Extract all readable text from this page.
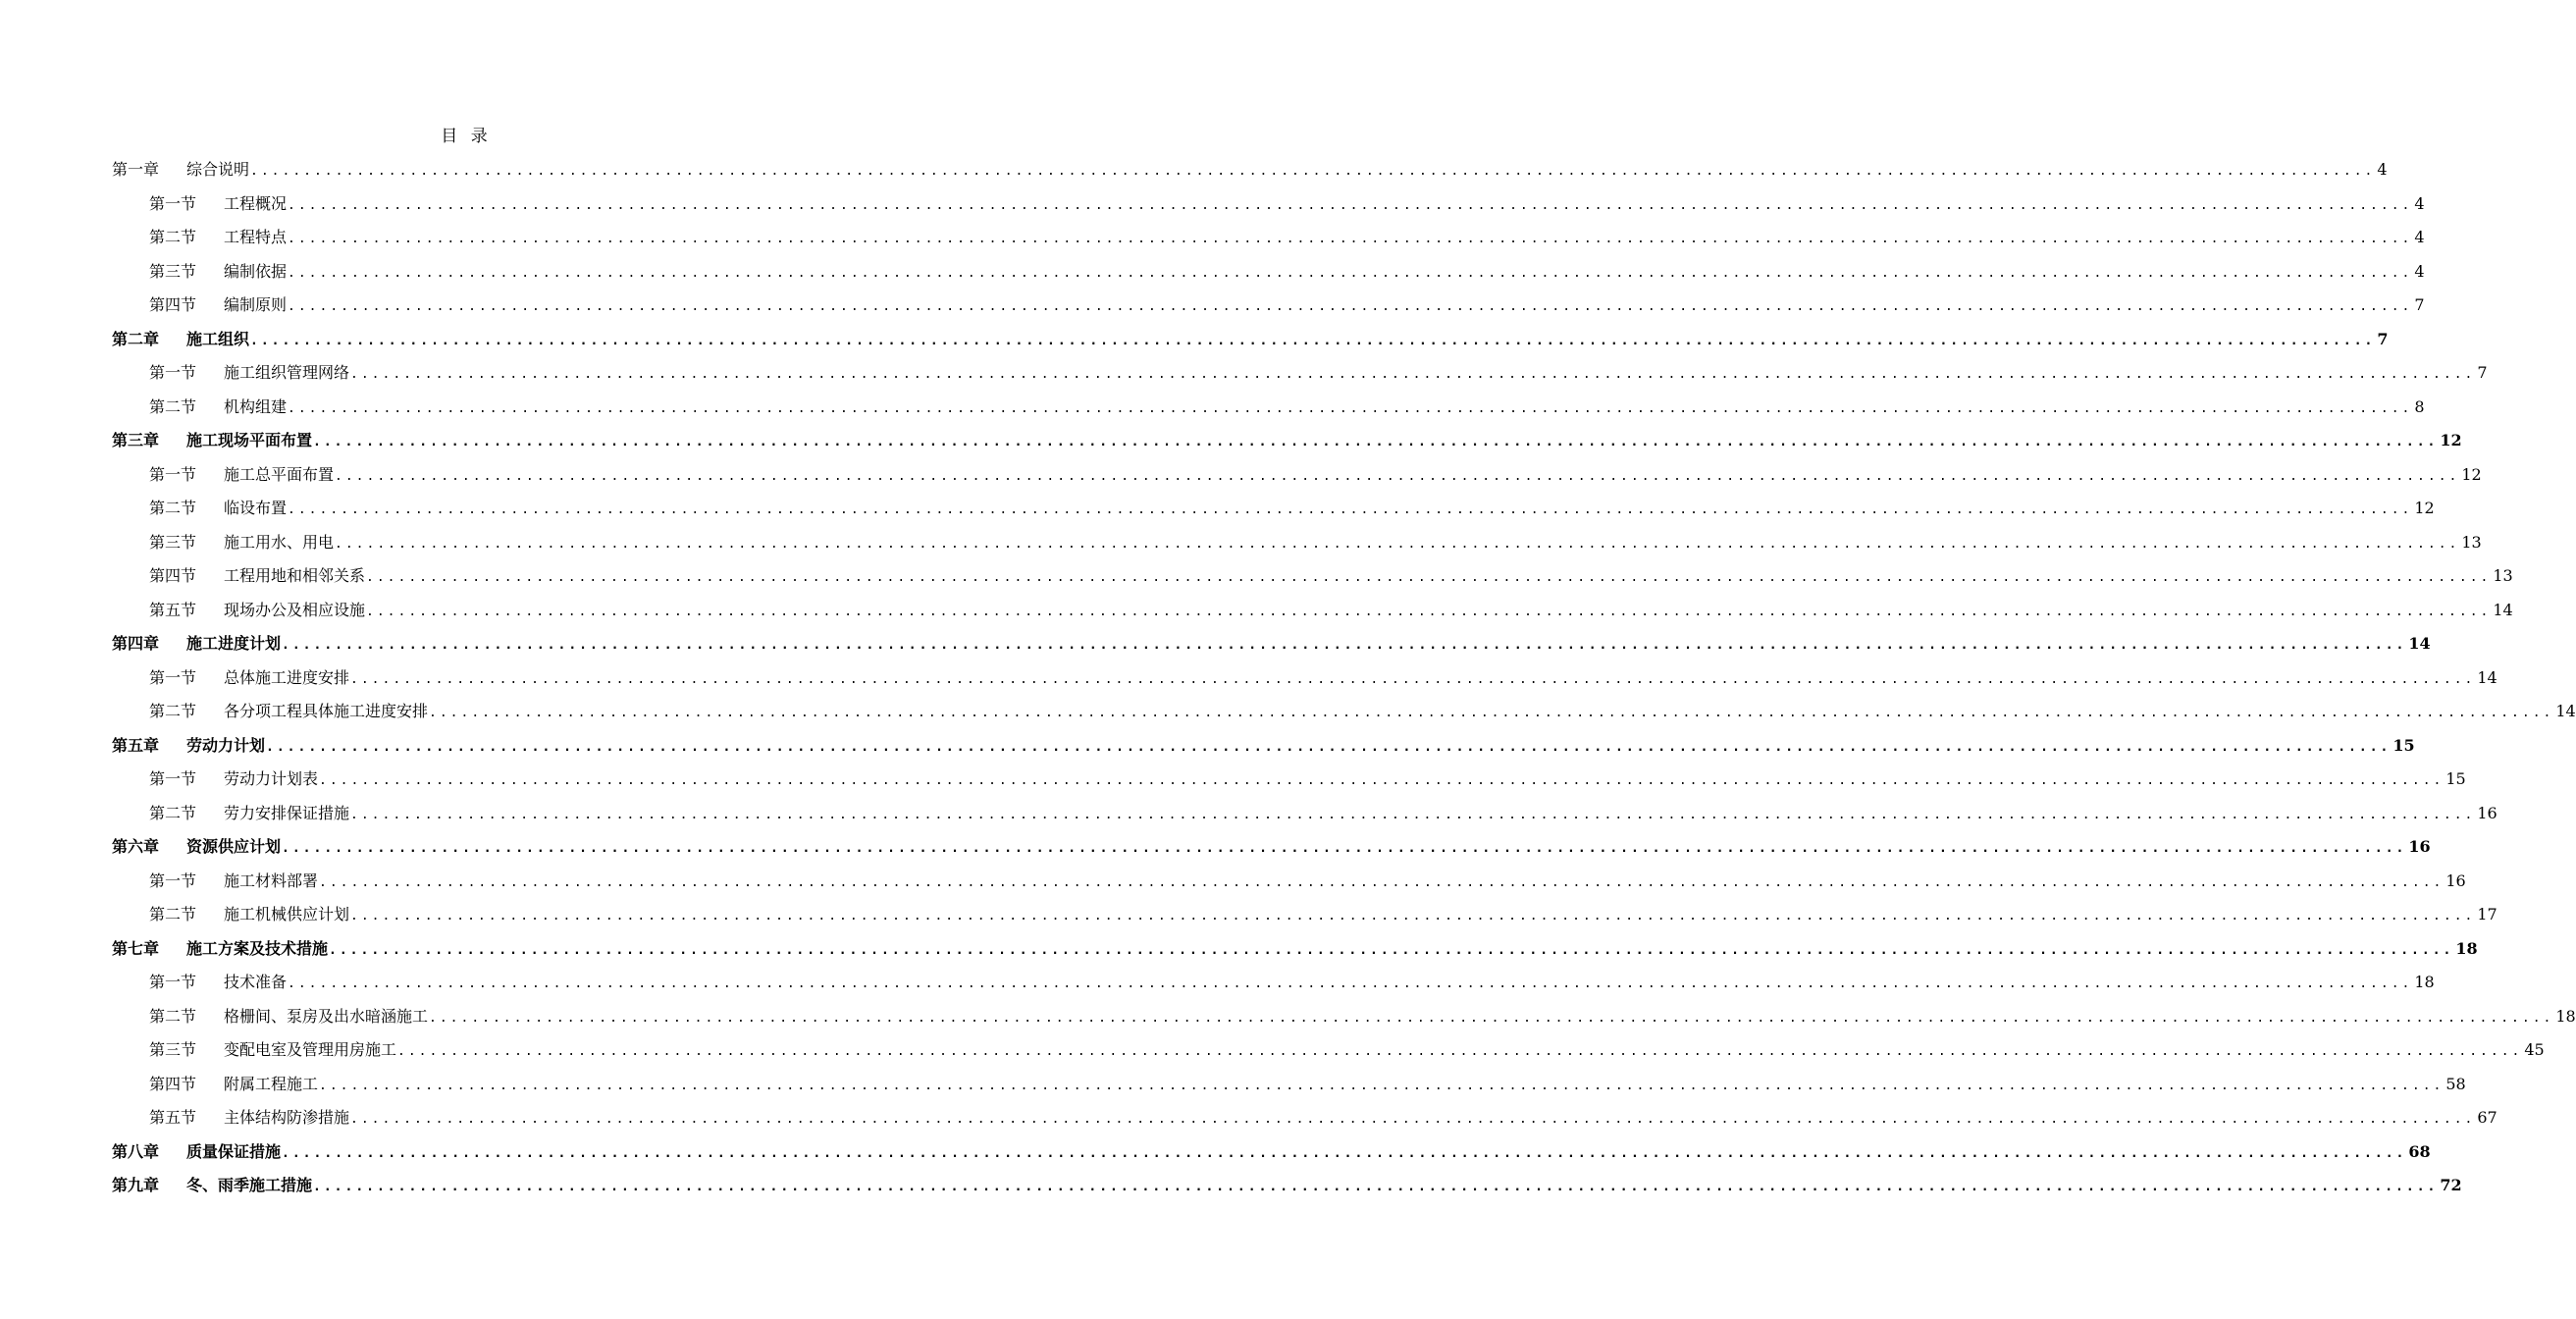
目 录
第一章	综合说明 ........................................................................................................................................................................................................ 4
第一节	工程概况 ........................................................................................................................................................................................................ 4
第二节	工程特点 ........................................................................................................................................................................................................ 4
第三节	编制依据 ........................................................................................................................................................................................................ 4
第四节	编制原则 ........................................................................................................................................................................................................ 7
第二章	施工组织 ........................................................................................................................................................................................................ 7
第一节	施工组织管理网络 ........................................................................................................................................................................................................ 7
第二节	机构组建 ........................................................................................................................................................................................................ 8
第三章	施工现场平面布置 ........................................................................................................................................................................................................ 12
第一节	施工总平面布置 ........................................................................................................................................................................................................ 12
第二节	临设布置 ........................................................................................................................................................................................................ 12
第三节	施工用水、用电 ........................................................................................................................................................................................................ 13
第四节	工程用地和相邻关系 ........................................................................................................................................................................................................ 13
第五节	现场办公及相应设施 ........................................................................................................................................................................................................ 14
第四章	施工进度计划 ........................................................................................................................................................................................................ 14
第一节	总体施工进度安排 ........................................................................................................................................................................................................ 14
第二节	各分项工程具体施工进度安排 ........................................................................................................................................................................................................ 14
第五章	劳动力计划 ........................................................................................................................................................................................................ 15
第一节	劳动力计划表 ........................................................................................................................................................................................................ 15
第二节	劳力安排保证措施 ........................................................................................................................................................................................................ 16
第六章	资源供应计划 ........................................................................................................................................................................................................ 16
第一节	施工材料部署 ........................................................................................................................................................................................................ 16
第二节	施工机械供应计划 ........................................................................................................................................................................................................ 17
第七章	施工方案及技术措施 ........................................................................................................................................................................................................ 18
第一节	技术准备 ........................................................................................................................................................................................................ 18
第二节	格栅间、泵房及出水暗涵施工 ........................................................................................................................................................................................................ 18
第三节	变配电室及管理用房施工 ........................................................................................................................................................................................................ 45
第四节	附属工程施工 ........................................................................................................................................................................................................ 58
第五节	主体结构防渗措施 ........................................................................................................................................................................................................ 67
第八章	质量保证措施 ........................................................................................................................................................................................................ 68
第九章	冬、雨季施工措施 ........................................................................................................................................................................................................ 72
